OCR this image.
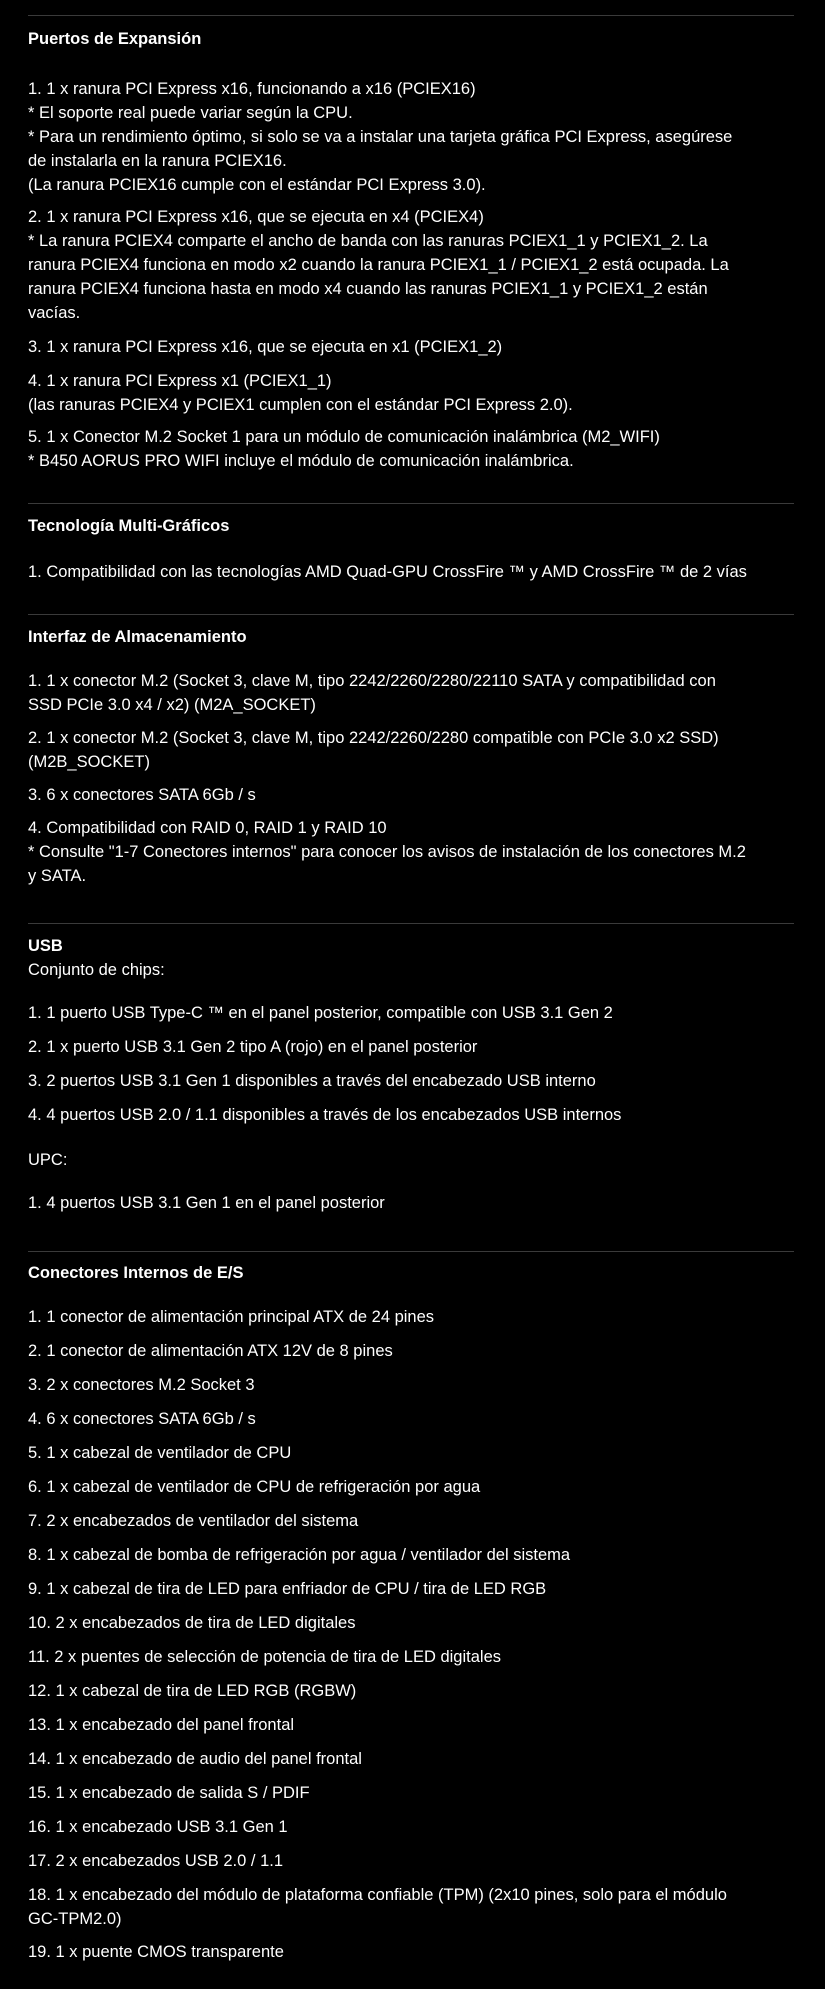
Puertos de Expansión
1. 1 x ranura PCI Express x16, funcionando a x16 (PCIEX16)
* El soporte real puede variar según la CPU.
* Para un rendimiento óptimo, si solo se va a instalar una tarjeta gráfica PCI Express, asegúrese
de instalarla en la ranura PCIEX16.
(La ranura PCIEX16 cumple con el estándar PCI Express 3.0).
2. 1 x ranura PCI Express x16, que se ejecuta en x4 (PCIEX4)
* La ranura PCIEX4 comparte el ancho de banda con las ranuras PCIEX1_1 y PCIEX1_2. La
ranura PCIEX4 funciona en modo x2 cuando la ranura PCIEX1_1 / PCIEX1_2 está ocupada. La
ranura PCIEX4 funciona hasta en modo x4 cuando las ranuras PCIEX1_1 y PCIEX1_2 están
vacías.
3. 1 x ranura PCI Express x16, que se ejecuta en x1 (PCIEX1_2)
4. 1 x ranura PCI Express x1 (PCIEX1_1)
(las ranuras PCIEX4 y PCIEX1 cumplen con el estándar PCI Express 2.0).
5. 1 x Conector M.2 Socket 1 para un módulo de comunicación inalámbrica (M2_WIFI)
* B450 AORUS PRO WIFI incluye el módulo de comunicación inalámbrica.
Tecnología Multi-Gráficos
1. Compatibilidad con las tecnologías AMD Quad-GPU CrossFire ™ y AMD CrossFire ™ de 2 vías
Interfaz de Almacenamiento
1. 1 x conector M.2 (Socket 3, clave M, tipo 2242/2260/2280/22110 SATA y compatibilidad con
SSD PCIe 3.0 x4 / x2) (M2A_SOCKET)
2. 1 x conector M.2 (Socket 3, clave M, tipo 2242/2260/2280 compatible con PCIe 3.0 x2 SSD)
(M2B_SOCKET)
3. 6 x conectores SATA 6Gb / s
4. Compatibilidad con RAID 0, RAID 1 y RAID 10
* Consulte "1-7 Conectores internos" para conocer los avisos de instalación de los conectores M.2
y SATA.
USB
Conjunto de chips:
1. 1 puerto USB Type-C ™ en el panel posterior, compatible con USB 3.1 Gen 2
2. 1 x puerto USB 3.1 Gen 2 tipo A (rojo) en el panel posterior
3. 2 puertos USB 3.1 Gen 1 disponibles a través del encabezado USB interno
4. 4 puertos USB 2.0 / 1.1 disponibles a través de los encabezados USB internos
UPC:
1. 4 puertos USB 3.1 Gen 1 en el panel posterior
Conectores Internos de E/S
1. 1 conector de alimentación principal ATX de 24 pines
2. 1 conector de alimentación ATX 12V de 8 pines
3. 2 x conectores M.2 Socket 3
4. 6 x conectores SATA 6Gb / s
5. 1 x cabezal de ventilador de CPU
6. 1 x cabezal de ventilador de CPU de refrigeración por agua
7. 2 x encabezados de ventilador del sistema
8. 1 x cabezal de bomba de refrigeración por agua / ventilador del sistema
9. 1 x cabezal de tira de LED para enfriador de CPU / tira de LED RGB
10. 2 x encabezados de tira de LED digitales
11. 2 x puentes de selección de potencia de tira de LED digitales
12. 1 x cabezal de tira de LED RGB (RGBW)
13. 1 x encabezado del panel frontal
14. 1 x encabezado de audio del panel frontal
15. 1 x encabezado de salida S / PDIF
16. 1 x encabezado USB 3.1 Gen 1
17. 2 x encabezados USB 2.0 / 1.1
18. 1 x encabezado del módulo de plataforma confiable (TPM) (2x10 pines, solo para el módulo
GC-TPM2.0)
19. 1 x puente CMOS transparente
